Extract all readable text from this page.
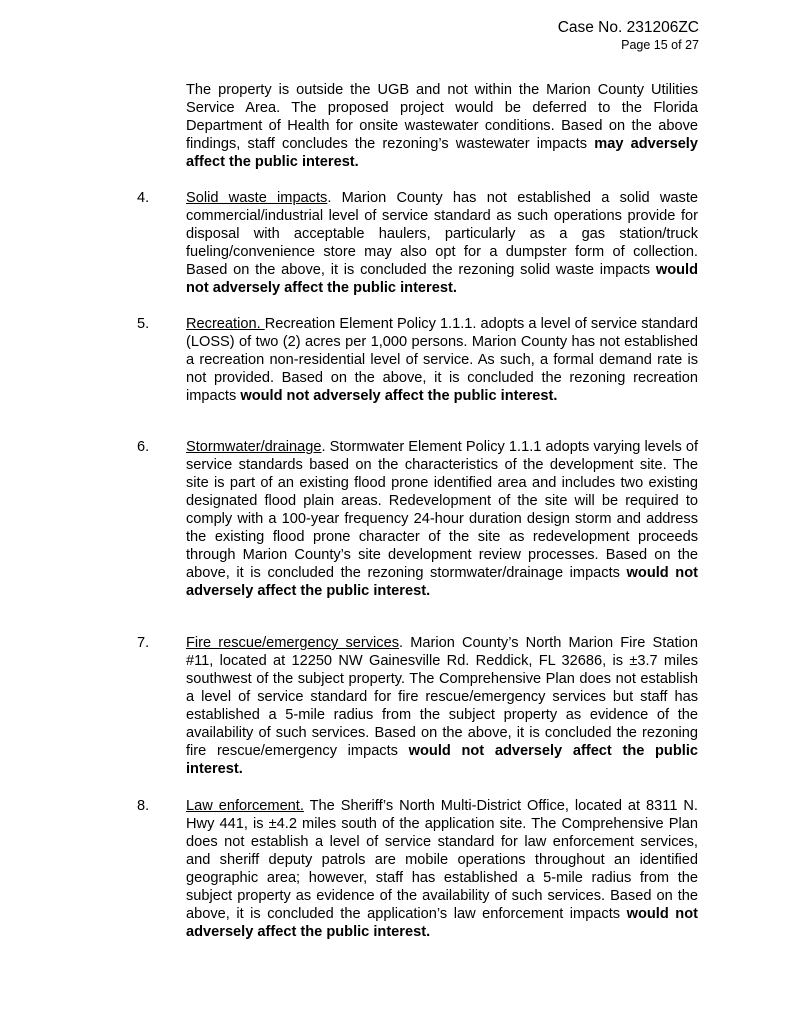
Case No. 231206ZC
Page 15 of 27

The property is outside the UGB and not within the Marion County Utilities Service Area. The proposed project would be deferred to the Florida Department of Health for onsite wastewater conditions. Based on the above findings, staff concludes the rezoning’s wastewater impacts may adversely affect the public interest.

4.	Solid waste impacts. Marion County has not established a solid waste commercial/industrial level of service standard as such operations provide for disposal with acceptable haulers, particularly as a gas station/truck fueling/convenience store may also opt for a dumpster form of collection. Based on the above, it is concluded the rezoning solid waste impacts would not adversely affect the public interest.

5.	Recreation. Recreation Element Policy 1.1.1. adopts a level of service standard (LOSS) of two (2) acres per 1,000 persons. Marion County has not established a recreation non-residential level of service. As such, a formal demand rate is not provided. Based on the above, it is concluded the rezoning recreation impacts would not adversely affect the public interest.

6.	Stormwater/drainage. Stormwater Element Policy 1.1.1 adopts varying levels of service standards based on the characteristics of the development site. The site is part of an existing flood prone identified area and includes two existing designated flood plain areas. Redevelopment of the site will be required to comply with a 100-year frequency 24-hour duration design storm and address the existing flood prone character of the site as redevelopment proceeds through Marion County’s site development review processes. Based on the above, it is concluded the rezoning stormwater/drainage impacts would not adversely affect the public interest.

7.	Fire rescue/emergency services. Marion County’s North Marion Fire Station #11, located at 12250 NW Gainesville Rd. Reddick, FL 32686, is ±3.7 miles southwest of the subject property. The Comprehensive Plan does not establish a level of service standard for fire rescue/emergency services but staff has established a 5-mile radius from the subject property as evidence of the availability of such services. Based on the above, it is concluded the rezoning fire rescue/emergency impacts would not adversely affect the public interest.

8.	Law enforcement. The Sheriff’s North Multi-District Office, located at 8311 N. Hwy 441, is ±4.2 miles south of the application site. The Comprehensive Plan does not establish a level of service standard for law enforcement services, and sheriff deputy patrols are mobile operations throughout an identified geographic area; however, staff has established a 5-mile radius from the subject property as evidence of the availability of such services. Based on the above, it is concluded the application’s law enforcement impacts would not adversely affect the public interest.
